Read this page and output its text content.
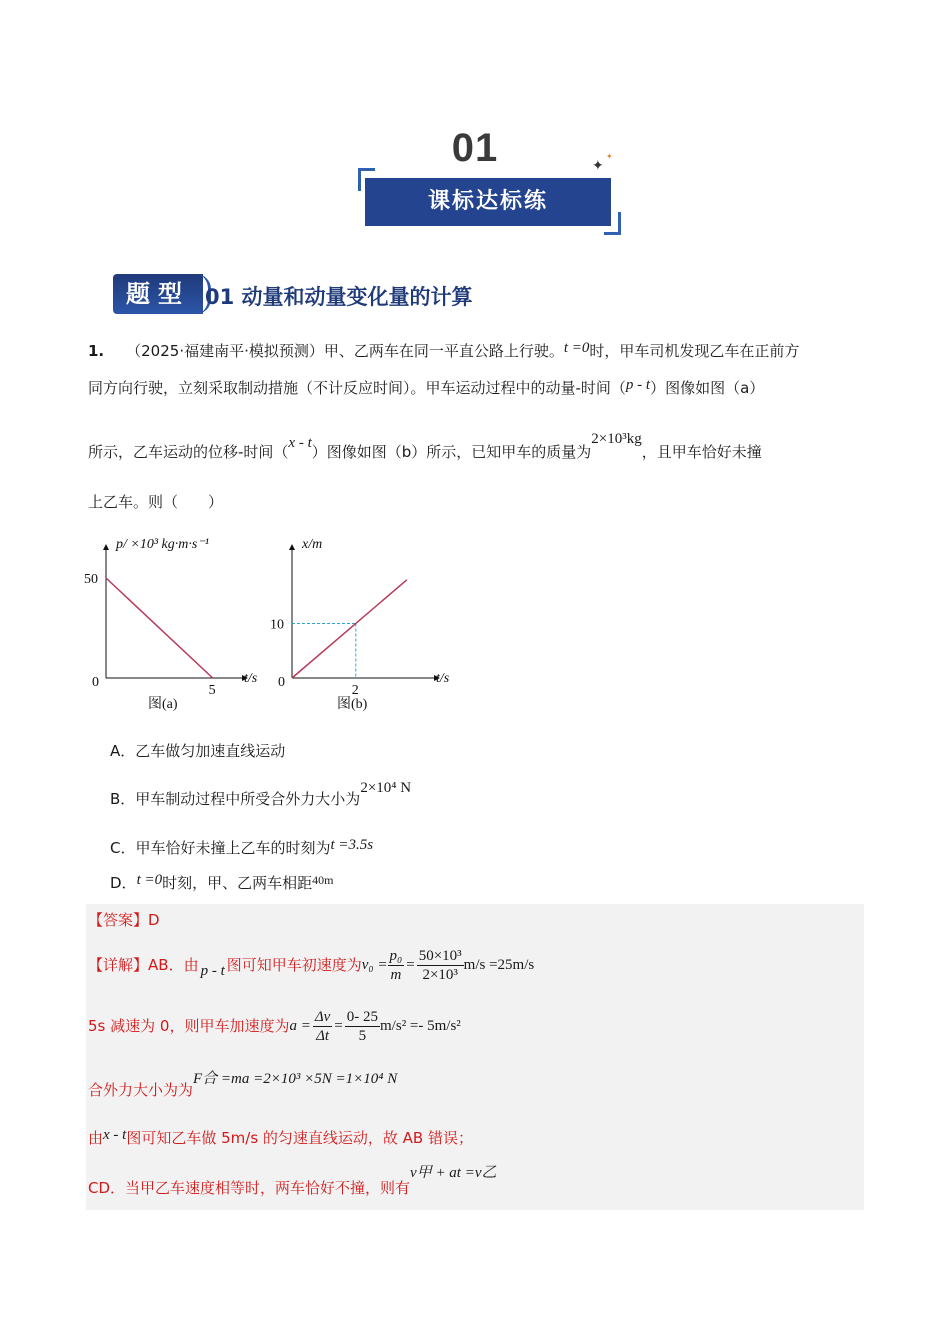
01	✦
✦
课标达标练
题型 01 动量和动量变化量的计算
1. （2025·福建南平·模拟预测）甲、乙两车在同一平直公路上行驶。t =0时，甲车司机发现乙车在正前方
同方向行驶，立刻采取制动措施（不计反应时间）。甲车运动过程中的动量-时间（p - t）图像如图（a）
所示，乙车运动的位移-时间（x - t）图像如图（b）所示，已知甲车的质量为2×10³kg，且甲车恰好未撞
上乙车。则（　　）
p/ ×10³ kg·m·s⁻¹
t/s
0
图(a)
5
50
x/m
t/s
0
图(b)
2
10
A．乙车做匀加速直线运动
B．甲车制动过程中所受合外力大小为2×10⁴ N
C．甲车恰好未撞上乙车的时刻为t =3.5s
D．t =0时刻，甲、乙两车相距$^{40m}$
【答案】D
【详解】 AB．由 p - t 图可知甲车初速度为 $v_0 = \frac{\text{p₀}}{m} = \frac{\text{50×10³}}{\text{2×10³}} m/s =25m/s$
5s 减速为 0，则甲车加速度为 $a = \frac{\Delta v}{\Delta t} = \frac{0- 25}{5} m/s^2 =- 5m/s^2$
合外力大小为为F合 =ma =2×10³ ×5N =1×10⁴ N
由x - t图可知乙车做 5m/s 的匀速直线运动，故 AB 错误；
CD．当甲乙车速度相等时，两车恰好不撞，则有v甲 + at =v乙
